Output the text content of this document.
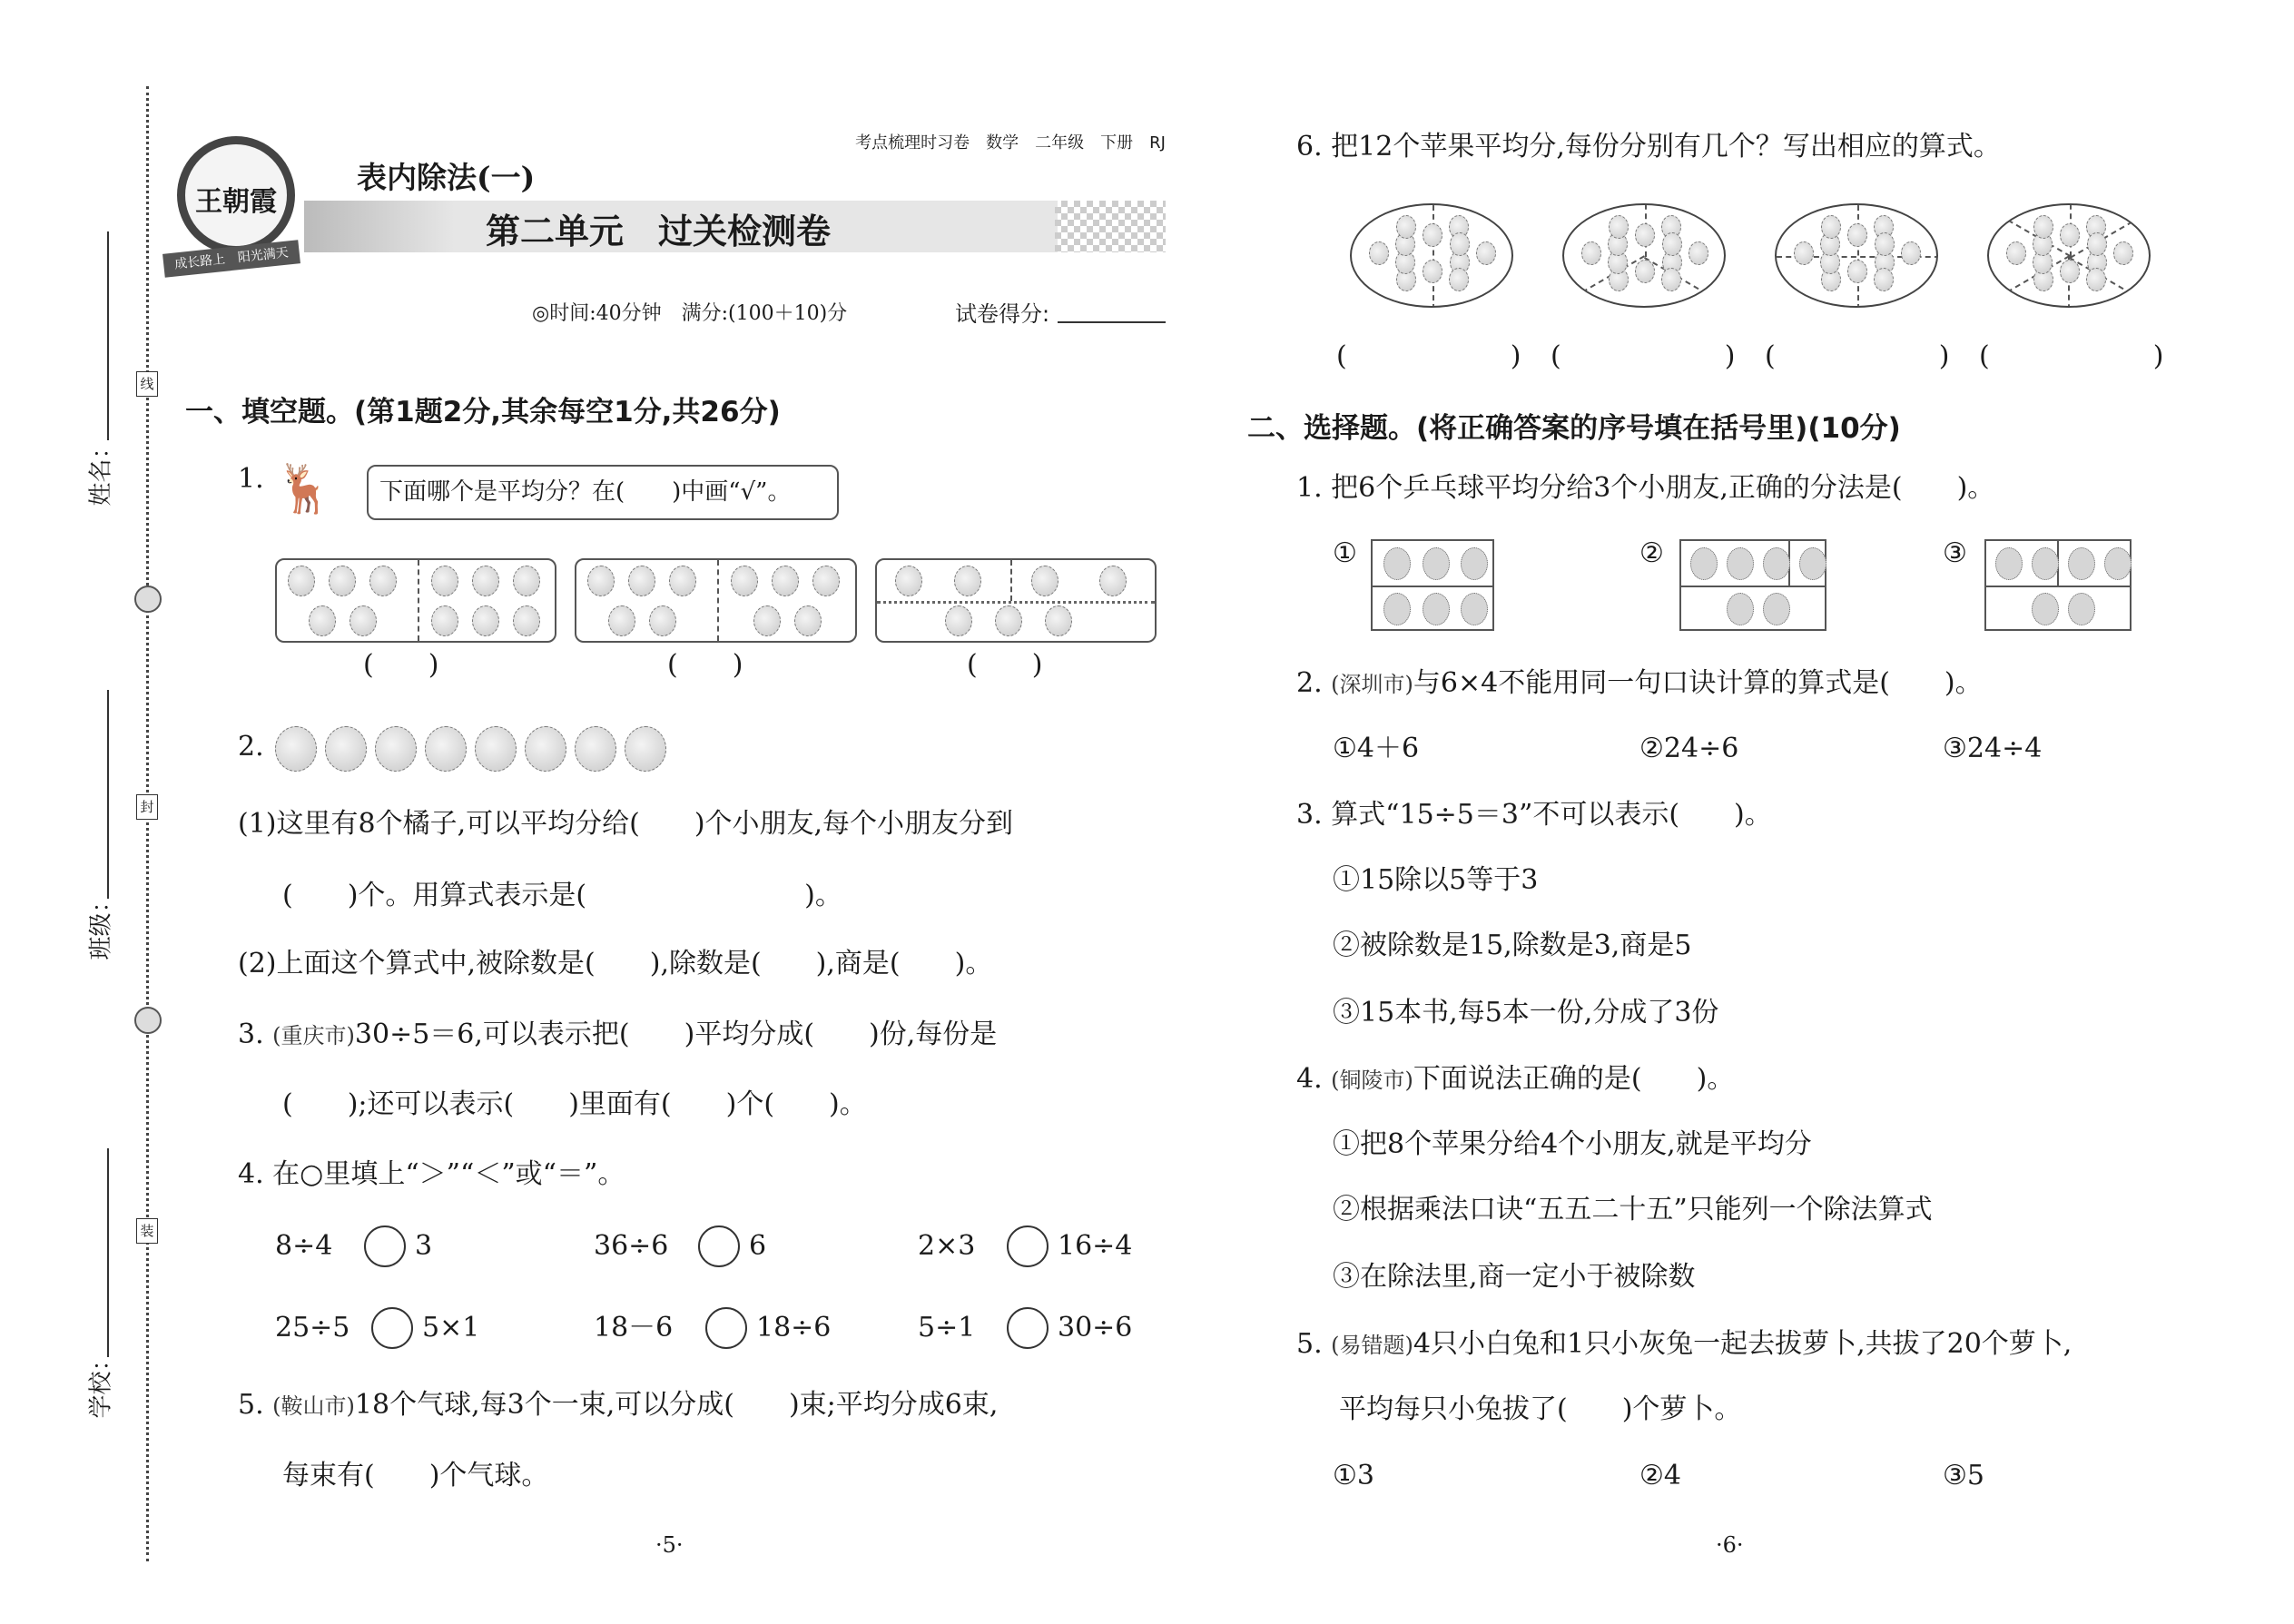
姓名：
班级：
学校：
线
封
装
王朝霞
成长路上　阳光满天
考点梳理时习卷　数学　二年级　下册　RJ
表内除法(一)
第二单元　过关检测卷
◎时间:40分钟　满分:(100＋10)分	试卷得分:
一、填空题。(第1题2分,其余每空1分,共26分)
1. 🦌	下面哪个是平均分？在(　　)中画“√”。
(　　)	(　　)	(　　)
2.
(1)这里有8个橘子,可以平均分给(　　)个小朋友,每个小朋友分到
(　　)个。用算式表示是(　　　　　　　　)。
(2)上面这个算式中,被除数是(　　),除数是(　　),商是(　　)。
3. (重庆市)30÷5＝6,可以表示把(　　)平均分成(　　)份,每份是
(　　);还可以表示(　　)里面有(　　)个(　　)。
4. 在○里填上“＞”“＜”或“＝”。
8÷4	3	36÷6	6	2×3	16÷4
25÷5	5×1	18－6	18÷6	5÷1	30÷6
5. (鞍山市)18个气球,每3个一束,可以分成(　　)束;平均分成6束,
每束有(　　)个气球。
·5·
6. 把12个苹果平均分,每份分别有几个？写出相应的算式。
(　　　　　　) (　　　　　　) (　　　　　　) (　　　　　　)
二、选择题。(将正确答案的序号填在括号里)(10分)
1. 把6个乒乓球平均分给3个小朋友,正确的分法是(　　)。
①	②	③
2. (深圳市)与6×4不能用同一句口诀计算的算式是(　　)。
①4＋6	②24÷6	③24÷4
3. 算式“15÷5＝3”不可以表示(　　)。
①15除以5等于3
②被除数是15,除数是3,商是5
③15本书,每5本一份,分成了3份
4. (铜陵市)下面说法正确的是(　　)。
①把8个苹果分给4个小朋友,就是平均分
②根据乘法口诀“五五二十五”只能列一个除法算式
③在除法里,商一定小于被除数
5. (易错题)4只小白兔和1只小灰兔一起去拔萝卜,共拔了20个萝卜,
平均每只小兔拔了(　　)个萝卜。
①3	②4	③5
·6·
